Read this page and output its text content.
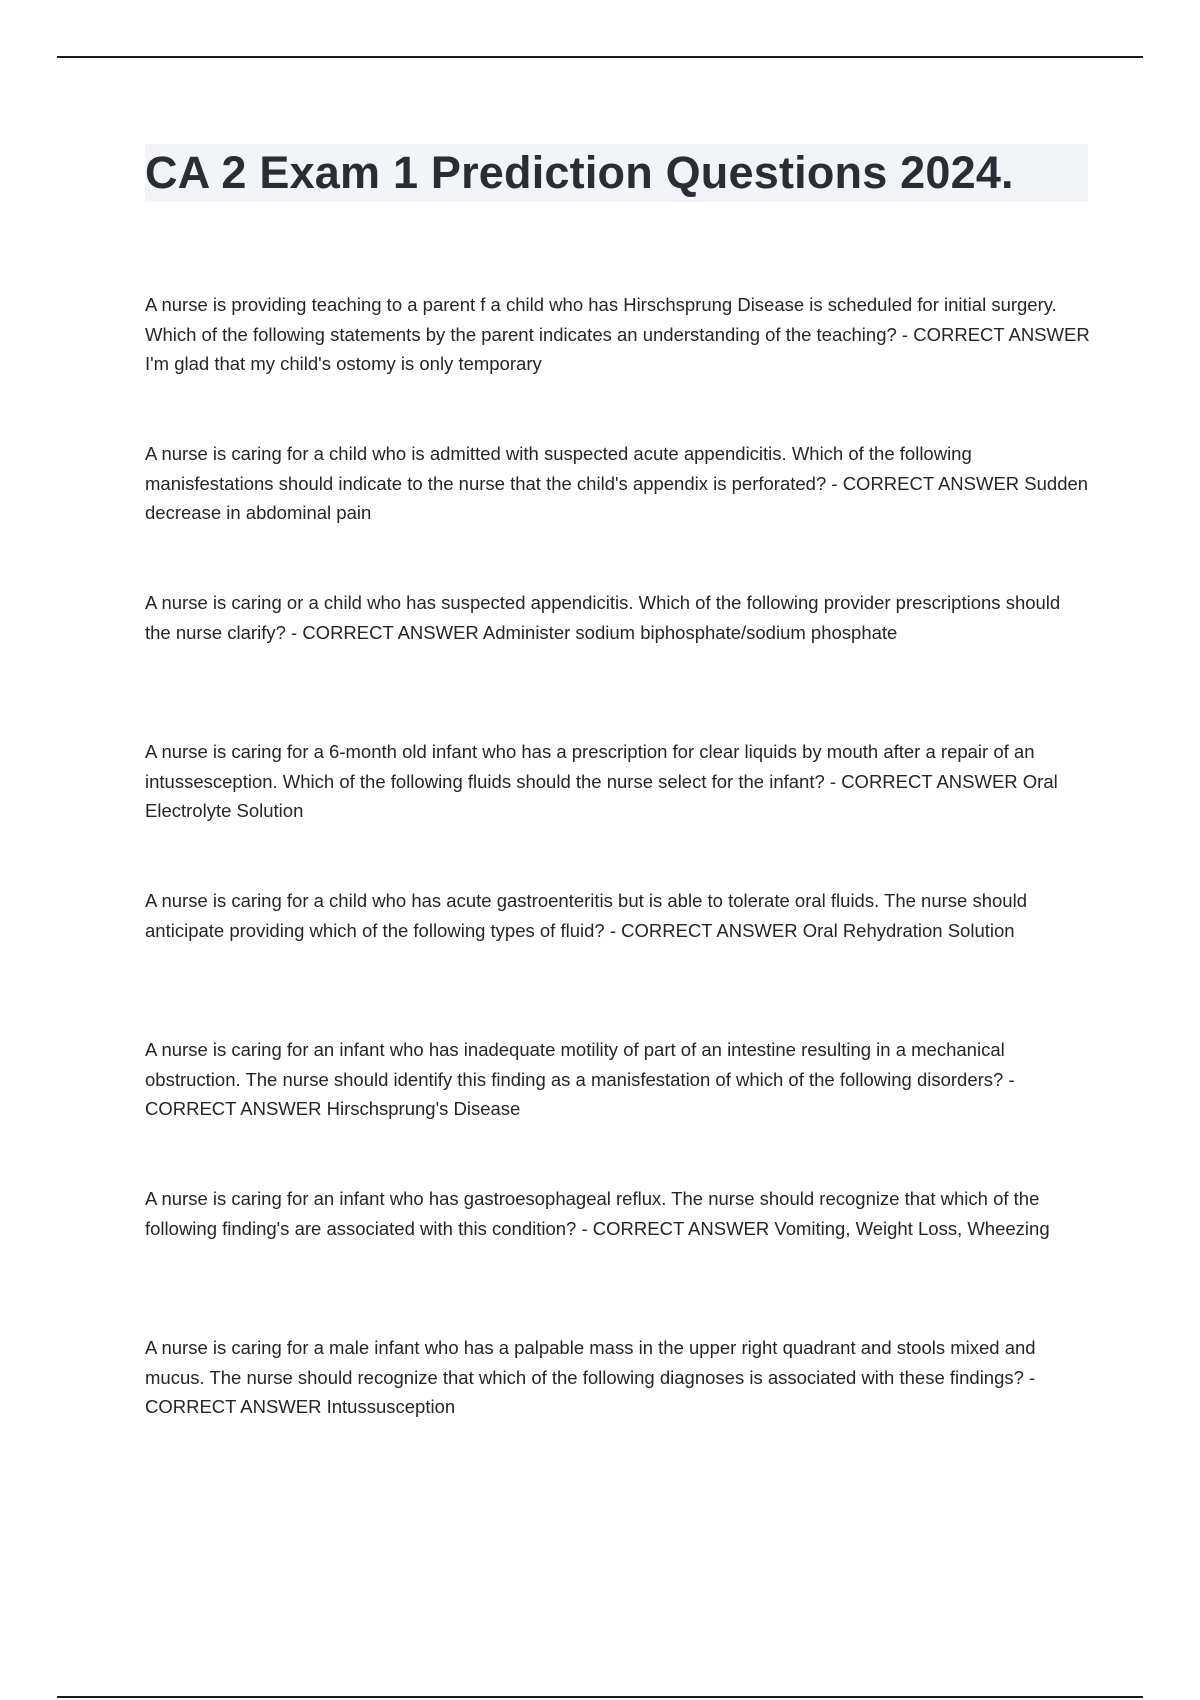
CA 2 Exam 1 Prediction Questions 2024.

A nurse is providing teaching to a parent f a child who has Hirschsprung Disease is scheduled for initial surgery. Which of the following statements by the parent indicates an understanding of the teaching? - CORRECT ANSWER I'm glad that my child's ostomy is only temporary

A nurse is caring for a child who is admitted with suspected acute appendicitis. Which of the following manisfestations should indicate to the nurse that the child's appendix is perforated? - CORRECT ANSWER Sudden decrease in abdominal pain

A nurse is caring or a child who has suspected appendicitis. Which of the following provider prescriptions should the nurse clarify? - CORRECT ANSWER Administer sodium biphosphate/sodium phosphate

A nurse is caring for a 6-month old infant who has a prescription for clear liquids by mouth after a repair of an intussesception. Which of the following fluids should the nurse select for the infant? - CORRECT ANSWER Oral Electrolyte Solution

A nurse is caring for a child who has acute gastroenteritis but is able to tolerate oral fluids. The nurse should anticipate providing which of the following types of fluid? - CORRECT ANSWER Oral Rehydration Solution

A nurse is caring for an infant who has inadequate motility of part of an intestine resulting in a mechanical obstruction. The nurse should identify this finding as a manisfestation of which of the following disorders? - CORRECT ANSWER Hirschsprung's Disease

A nurse is caring for an infant who has gastroesophageal reflux. The nurse should recognize that which of the following finding's are associated with this condition? - CORRECT ANSWER Vomiting, Weight Loss, Wheezing

A nurse is caring for a male infant who has a palpable mass in the upper right quadrant and stools mixed and mucus. The nurse should recognize that which of the following diagnoses is associated with these findings? - CORRECT ANSWER Intussusception
